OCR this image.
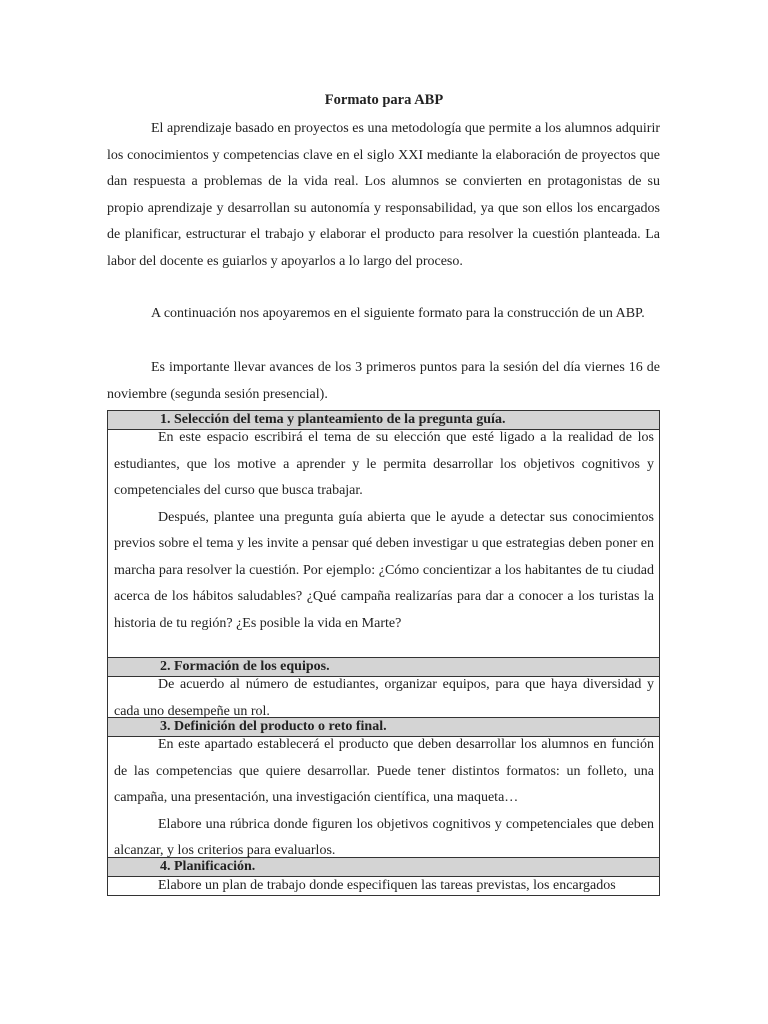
Formato para ABP

El aprendizaje basado en proyectos es una metodología que permite a los alumnos adquirir los conocimientos y competencias clave en el siglo XXI mediante la elaboración de proyectos que dan respuesta a problemas de la vida real. Los alumnos se convierten en protagonistas de su propio aprendizaje y desarrollan su autonomía y responsabilidad, ya que son ellos los encargados de planificar, estructurar el trabajo y elaborar el producto para resolver la cuestión planteada. La labor del docente es guiarlos y apoyarlos a lo largo del proceso.

A continuación nos apoyaremos en el siguiente formato para la construcción de un ABP.

Es importante llevar avances de los 3 primeros puntos para la sesión del día viernes 16 de noviembre (segunda sesión presencial).

1. Selección del tema y planteamiento de la pregunta guía.

En este espacio escribirá el tema de su elección que esté ligado a la realidad de los estudiantes, que los motive a aprender y le permita desarrollar los objetivos cognitivos y competenciales del curso que busca trabajar.

Después, plantee una pregunta guía abierta que le ayude a detectar sus conocimientos previos sobre el tema y les invite a pensar qué deben investigar u que estrategias deben poner en marcha para resolver la cuestión. Por ejemplo: ¿Cómo concientizar a los habitantes de tu ciudad acerca de los hábitos saludables? ¿Qué campaña realizarías para dar a conocer a los turistas la historia de tu región? ¿Es posible la vida en Marte?

2. Formación de los equipos.

De acuerdo al número de estudiantes, organizar equipos, para que haya diversidad y cada uno desempeñe un rol.

3. Definición del producto o reto final.

En este apartado establecerá el producto que deben desarrollar los alumnos en función de las competencias que quiere desarrollar. Puede tener distintos formatos: un folleto, una campaña, una presentación, una investigación científica, una maqueta…

Elabore una rúbrica donde figuren los objetivos cognitivos y competenciales que deben alcanzar, y los criterios para evaluarlos.

4. Planificación.

Elabore un plan de trabajo donde especifiquen las tareas previstas, los encargados
